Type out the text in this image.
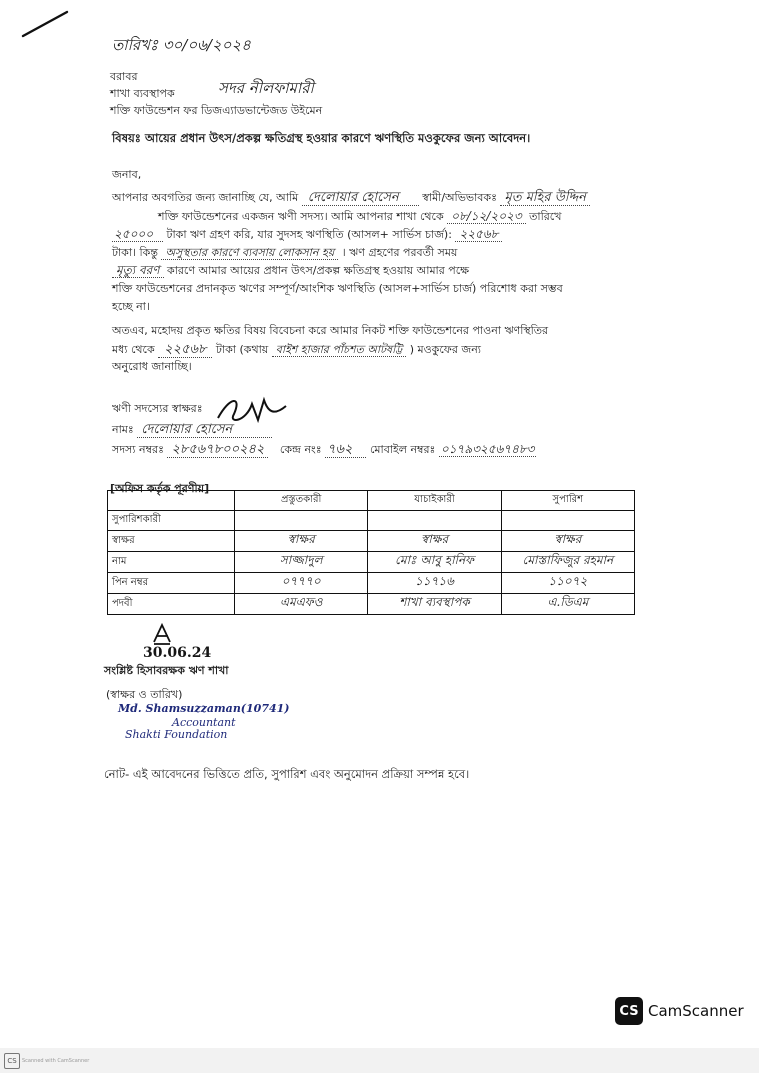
তারিখঃ ৩০/০৬/২০২৪
বরাবর
শাখা ব্যবস্থাপক	সদর নীলফামারী
শক্তি ফাউন্ডেশন ফর ডিজএ্যাডভান্টেজড উইমেন
বিষয়ঃ আয়ের প্রধান উৎস/প্রকল্প ক্ষতিগ্রস্থ হওয়ার কারণে ঋণস্থিতি মওকুফের জন্য আবেদন।
জনাব,
আপনার অবগতির জন্য জানাচ্ছি যে, আমি দেলোয়ার হোসেন স্বামী/অভিভাবকঃ মৃত মহির উদ্দিন
শক্তি ফাউন্ডেশনের একজন ঋণী সদস্য। আমি আপনার শাখা থেকে ০৮/১২/২০২৩ তারিখে
২৫০০০ টাকা ঋণ গ্রহণ করি, যার সুদসহ ঋণস্থিতি (আসল+ সার্ভিস চার্জ): ২২৫৬৮
টাকা। কিন্তু অসুস্থতার কারণে ব্যবসায় লোকসান হয় । ঋণ গ্রহণের পরবর্তী সময়
মৃত্যু বরণ কারণে আমার আয়ের প্রধান উৎস/প্রকল্প ক্ষতিগ্রস্থ হওয়ায় আমার পক্ষে
শক্তি ফাউন্ডেশনের প্রদানকৃত ঋণের সম্পূর্ণ/আংশিক ঋণস্থিতি (আসল+সার্ভিস চার্জ) পরিশোধ করা সম্ভব
হচ্ছে না।
অতএব, মহোদয় প্রকৃত ক্ষতির বিষয় বিবেচনা করে আমার নিকট শক্তি ফাউন্ডেশনের পাওনা ঋণস্থিতির
মধ্য থেকে ২২৫৬৮ টাকা (কথায় বাইশ হাজার পাঁচশত আটষট্টি ) মওকুফের জন্য
অনুরোধ জানাচ্ছি।
ঋণী সদস্যের স্বাক্ষরঃ
নামঃ দেলোয়ার হোসেন
সদস্য নম্বরঃ ২৮৫৬৭৮০০২৪২ কেন্দ্র নংঃ ৭৬২ মোবাইল নম্বরঃ ০১৭৯৩২৫৬৭৪৮৩
[অফিস কর্তৃক পূরণীয়]
	প্রস্তুতকারী	যাচাইকারী	সুপারিশ
সুপারিশকারী			
স্বাক্ষর	স্বাক্ষর	স্বাক্ষর	স্বাক্ষর
নাম	সাজ্জাদুল	মোঃ আবু হানিফ	মোস্তাফিজুর রহমান
পিন নম্বর	০৭৭৭০	১১৭১৬	১১০৭২
পদবী	এমএফও	শাখা ব্যবস্থাপক	এ.ডিএম
30.06.24
সংশ্লিষ্ট হিসাবরক্ষক ঋণ শাখা
(স্বাক্ষর ও তারিখ)
Md. Shamsuzzaman(10741)
Accountant
Shakti Foundation
নোট- এই আবেদনের ভিত্তিতে প্রতি, সুপারিশ এবং অনুমোদন প্রক্রিয়া সম্পন্ন হবে।
CS CamScanner
CS	Scanned with CamScanner
